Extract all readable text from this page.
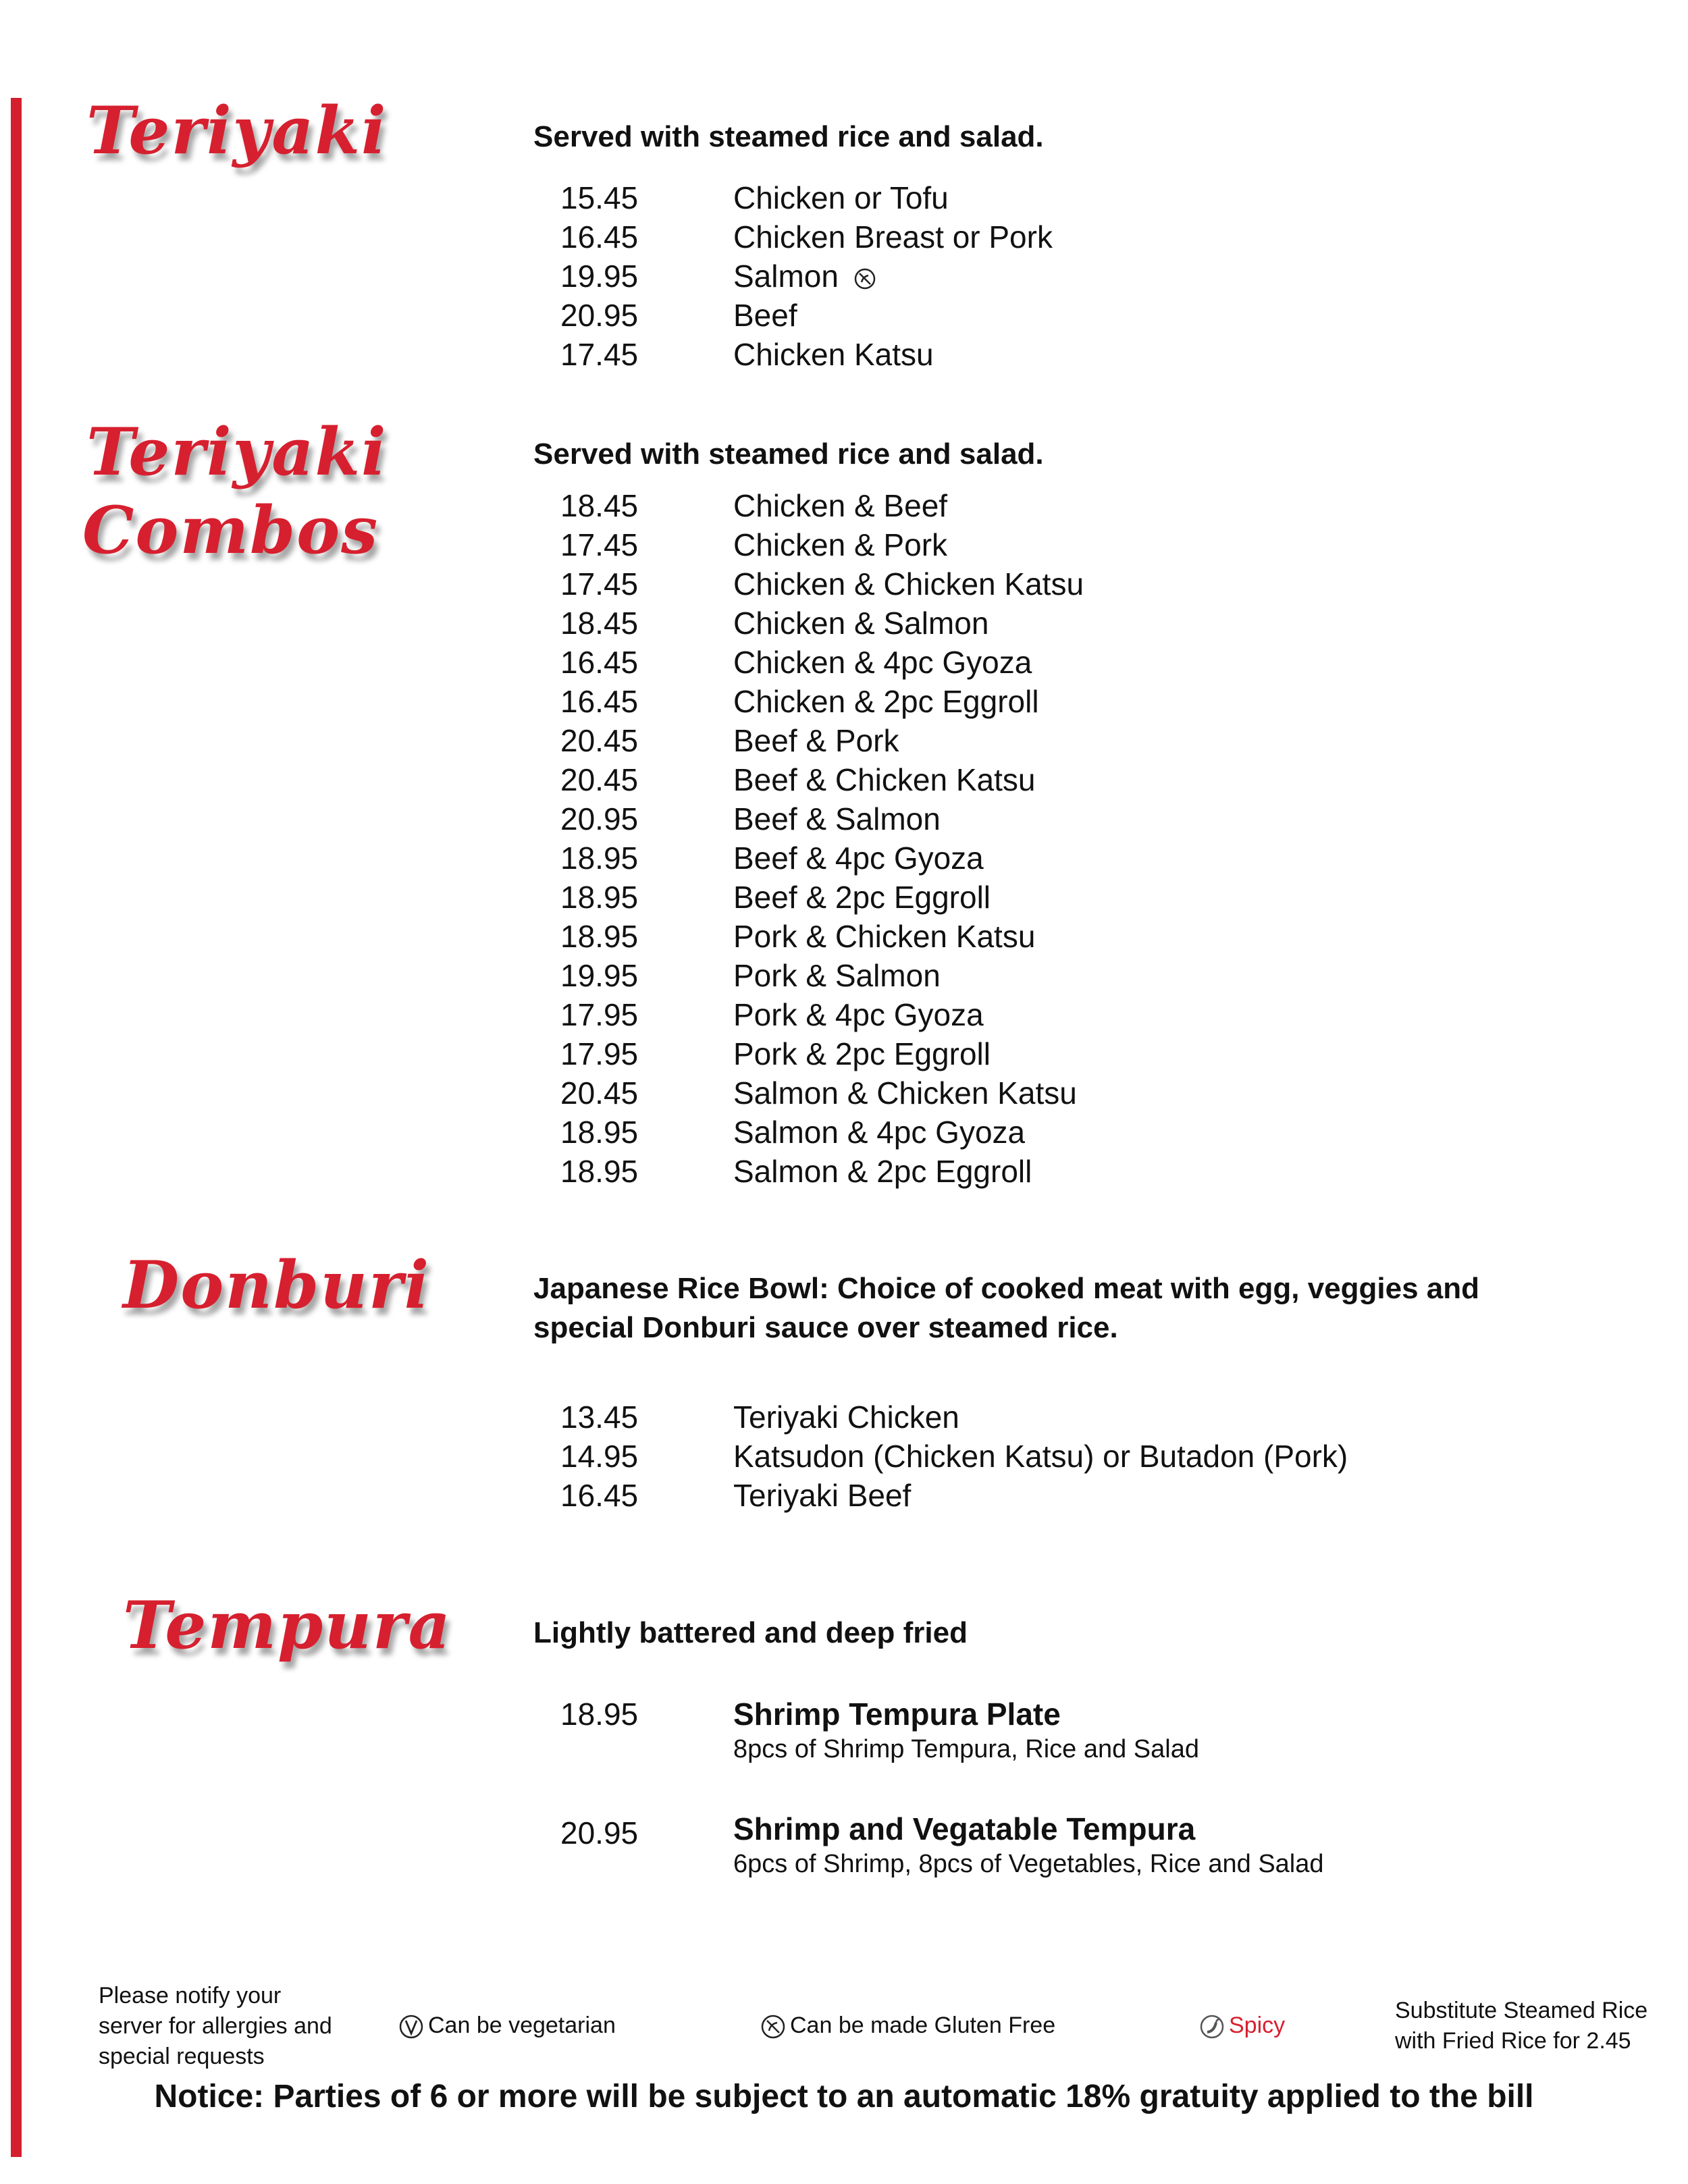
Teriyaki	Served with steamed rice and salad.
15.45	Chicken or Tofu
16.45	Chicken Breast or Pork
19.95	Salmon
20.95	Beef
17.45	Chicken Katsu
Teriyaki
Combos
Served with steamed rice and salad.
18.45	Chicken & Beef
17.45	Chicken & Pork
17.45	Chicken & Chicken Katsu
18.45	Chicken & Salmon
16.45	Chicken & 4pc Gyoza
16.45	Chicken & 2pc Eggroll
20.45	Beef & Pork
20.45	Beef & Chicken Katsu
20.95	Beef & Salmon
18.95	Beef & 4pc Gyoza
18.95	Beef & 2pc Eggroll
18.95	Pork & Chicken Katsu
19.95	Pork & Salmon
17.95	Pork & 4pc Gyoza
17.95	Pork & 2pc Eggroll
20.45	Salmon & Chicken Katsu
18.95	Salmon & 4pc Gyoza
18.95	Salmon & 2pc Eggroll
Donburi	Japanese Rice Bowl: Choice of cooked meat with egg, veggies and
special Donburi sauce over steamed rice.
13.45	Teriyaki Chicken
14.95	Katsudon (Chicken Katsu) or Butadon (Pork)
16.45	Teriyaki Beef
Tempura	Lightly battered and deep fried
18.95	Shrimp Tempura Plate
8pcs of Shrimp Tempura, Rice and Salad
20.95	Shrimp and Vegatable Tempura
6pcs of Shrimp, 8pcs of Vegetables, Rice and Salad
Please notify your
server for allergies and
special requests
Can be vegetarian	Can be made Gluten Free	Spicy
Substitute Steamed Rice
with Fried Rice for 2.45
Notice: Parties of 6 or more will be subject to an automatic 18% gratuity applied to the bill
